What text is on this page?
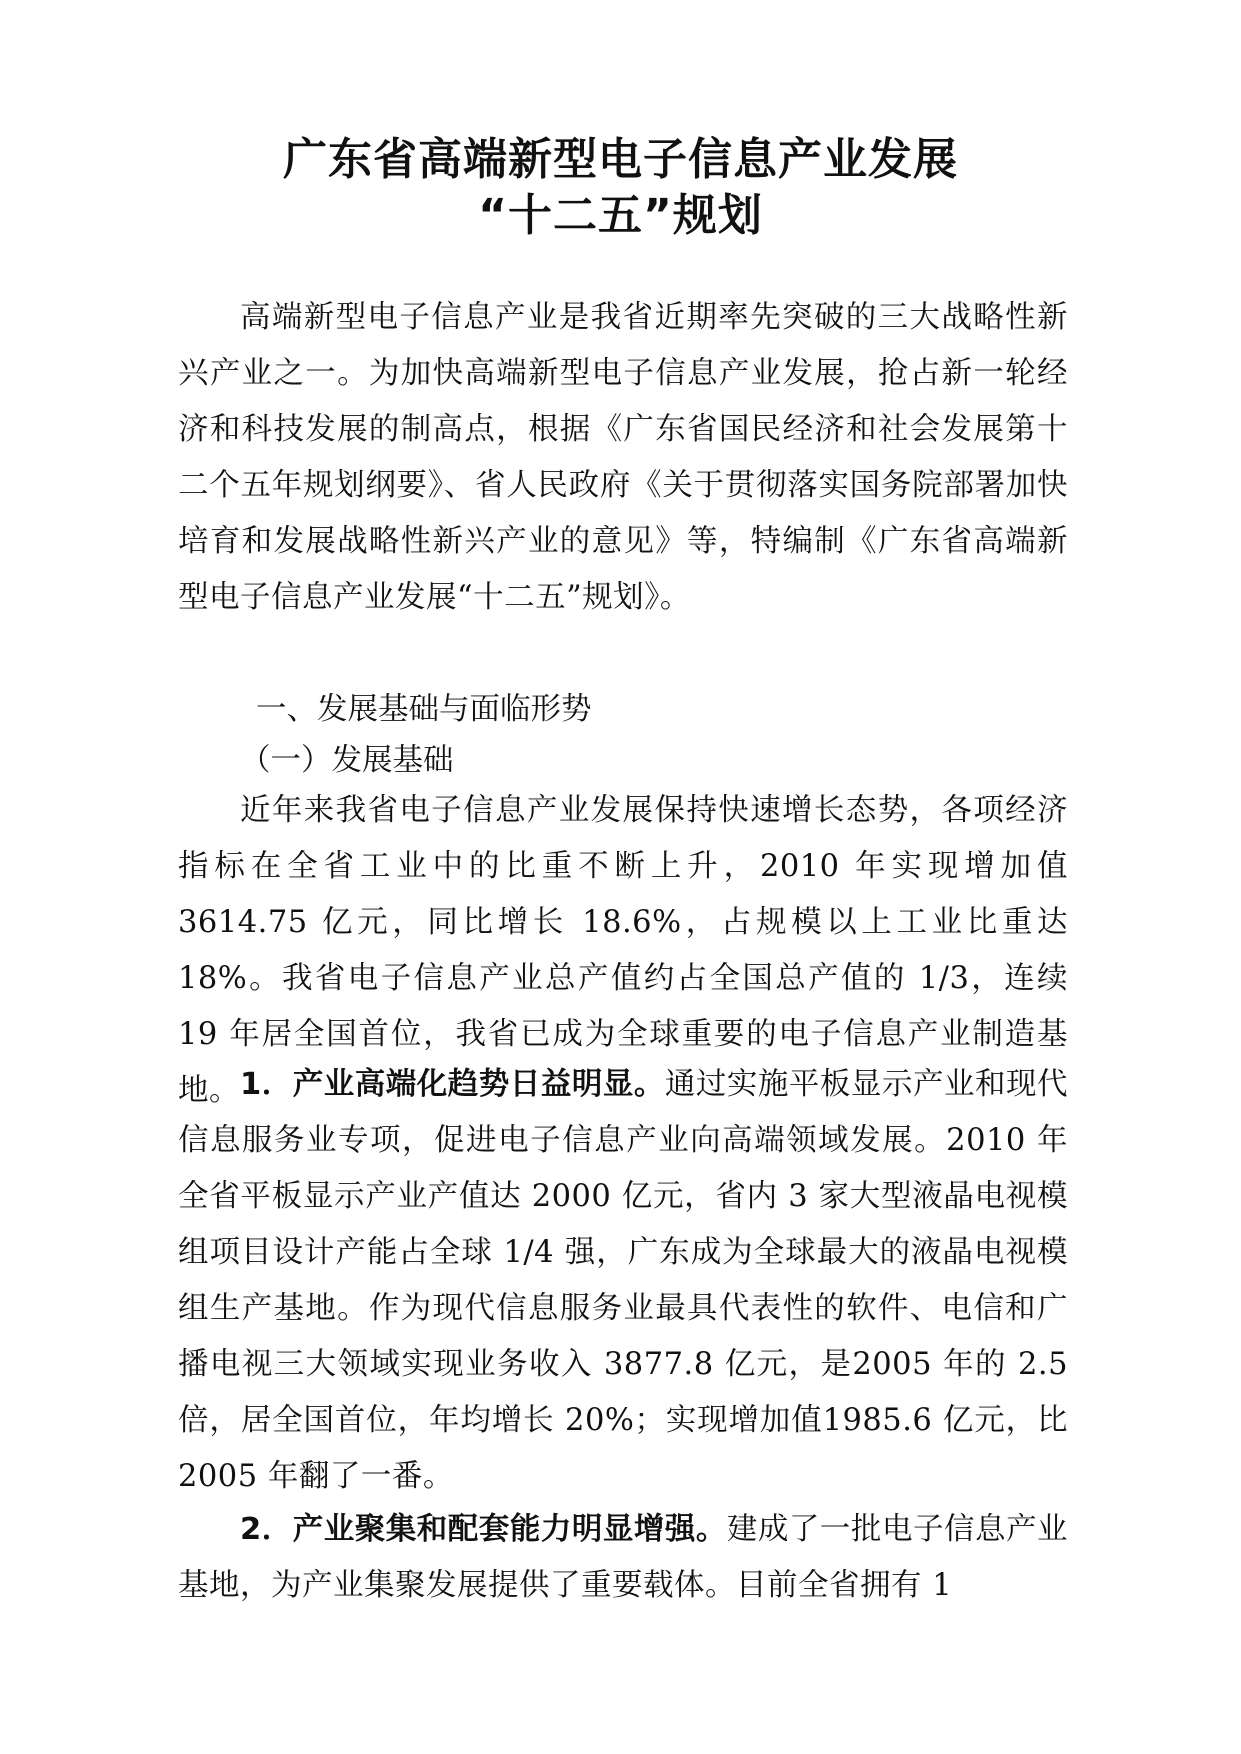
广东省高端新型电子信息产业发展
“十二五”规划

高端新型电子信息产业是我省近期率先突破的三大战略性新兴产业之一。为加快高端新型电子信息产业发展，抢占新一轮经济和科技发展的制高点，根据《广东省国民经济和社会发展第十二个五年规划纲要》、省人民政府《关于贯彻落实国务院部署加快培育和发展战略性新兴产业的意见》等，特编制《广东省高端新型电子信息产业发展“十二五”规划》。

一、发展基础与面临形势
（一）发展基础

近年来我省电子信息产业发展保持快速增长态势，各项经济指标在全省工业中的比重不断上升，2010 年实现增加值3614.75 亿元，同比增长 18.6%，占规模以上工业比重达 18%。我省电子信息产业总产值约占全国总产值的 1/3，连续 19 年居全国首位，我省已成为全球重要的电子信息产业制造基地。 1．产业高端化趋势日益明显。通过实施平板显示产业和现代信息服务业专项，促进电子信息产业向高端领域发展。2010 年全省平板显示产业产值达 2000 亿元，省内 3 家大型液晶电视模组项目设计产能占全球 1/4 强，广东成为全球最大的液晶电视模组生产基地。作为现代信息服务业最具代表性的软件、电信和广播电视三大领域实现业务收入 3877.8 亿元，是2005 年的 2.5 倍，居全国首位，年均增长 20%；实现增加值1985.6 亿元，比 2005 年翻了一番。

2．产业聚集和配套能力明显增强。建成了一批电子信息产业基地，为产业集聚发展提供了重要载体。目前全省拥有 1
